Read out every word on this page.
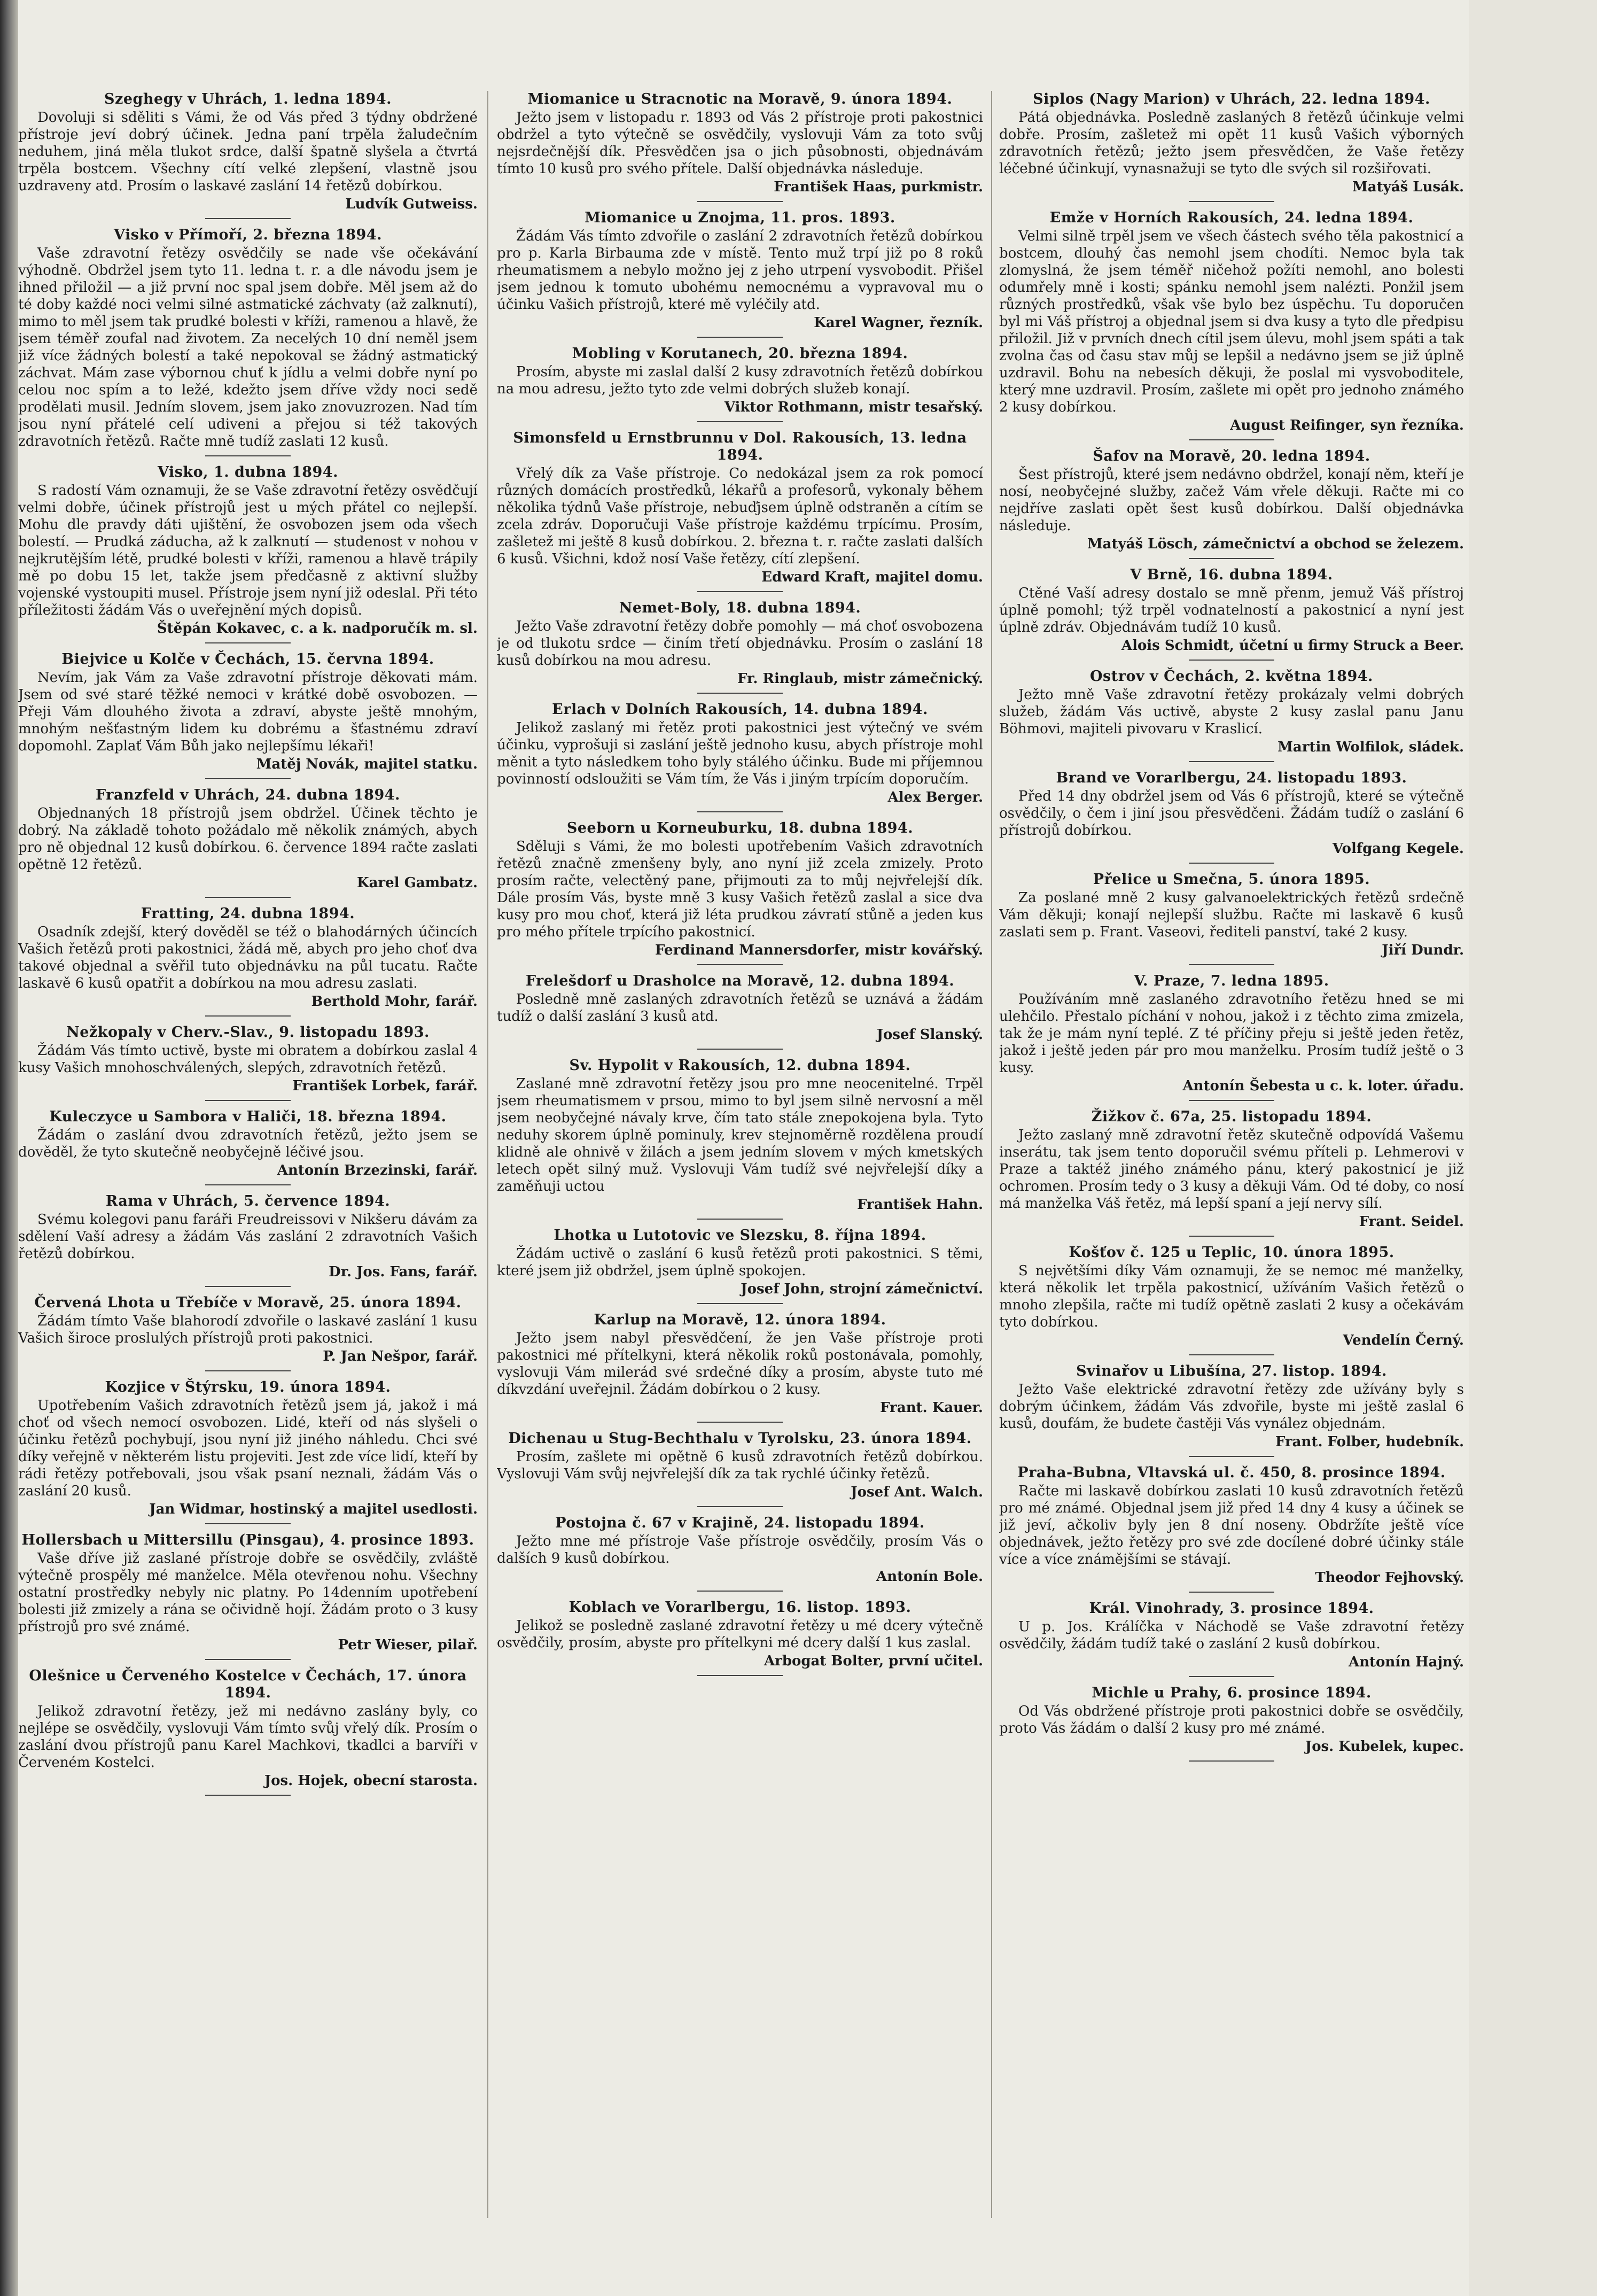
Szeghegy v Uhrách, 1. ledna 1894.
Dovoluji si sděliti s Vámi, že od Vás před 3 týdny obdržené přístroje jeví dobrý účinek. Jedna paní trpěla žaludečním neduhem, jiná měla tlukot srdce, další špatně slyšela a čtvrtá trpěla bostcem. Všechny cítí velké zlepšení, vlastně jsou uzdraveny atd. Prosím o laskavé zaslání 14 řetězů dobírkou.
Ludvík Gutweiss.
Visko v Přímoří, 2. března 1894.
Vaše zdravotní řetězy osvědčily se nade vše očekávání výhodně. Obdržel jsem tyto 11. ledna t. r. a dle návodu jsem je ihned přiložil — a již první noc spal jsem dobře. Měl jsem až do té doby každé noci velmi silné astmatické záchvaty (až zalknutí), mimo to měl jsem tak prudké bolesti v kříži, ramenou a hlavě, že jsem téměř zoufal nad životem. Za necelých 10 dní neměl jsem již více žádných bolestí a také nepokoval se žádný astmatický záchvat. Mám zase výbornou chuť k jídlu a velmi dobře nyní po celou noc spím a to ležé, kdežto jsem dříve vždy noci sedě prodělati musil. Jedním slovem, jsem jako znovuzrozen. Nad tím jsou nyní přátelé celí udiveni a přejou si též takových zdravotních řetězů. Račte mně tudíž zaslati 12 kusů.
Visko, 1. dubna 1894.
S radostí Vám oznamuji, že se Vaše zdravotní řetězy osvědčují velmi dobře, účinek přístrojů jest u mých přátel co nejlepší. Mohu dle pravdy dáti ujištění, že osvobozen jsem oda všech bolestí. — Prudká záducha, až k zalknutí — studenost v nohou v nejkrutějším létě, prudké bolesti v kříži, ramenou a hlavě trápily mě po dobu 15 let, takže jsem předčasně z aktivní služby vojenské vystoupiti musel. Přístroje jsem nyní již odeslal. Při této příležitosti žádám Vás o uveřejnění mých dopisů.
Štěpán Kokavec, c. a k. nadporučík m. sl.
Biejvice u Kolče v Čechách, 15. června 1894.
Nevím, jak Vám za Vaše zdravotní přístroje děkovati mám. Jsem od své staré těžké nemoci v krátké době osvobozen. — Přeji Vám dlouhého života a zdraví, abyste ještě mnohým, mnohým nešťastným lidem ku dobrému a šťastnému zdraví dopomohl. Zaplať Vám Bůh jako nejlepšímu lékaři!
Matěj Novák, majitel statku.
Franzfeld v Uhrách, 24. dubna 1894.
Objednaných 18 přístrojů jsem obdržel. Účinek těchto je dobrý. Na základě tohoto požádalo mě několik známých, abych pro ně objednal 12 kusů dobírkou. 6. července 1894 račte zaslati opětně 12 řetězů.
Karel Gambatz.
Fratting, 24. dubna 1894.
Osadník zdejší, který dověděl se též o blahodárných účincích Vašich řetězů proti pakostnici, žádá mě, abych pro jeho choť dva takové objednal a svěřil tuto objednávku na půl tucatu. Račte laskavě 6 kusů opatřit a dobírkou na mou adresu zaslati.
Berthold Mohr, farář.
Nežkopaly v Cherv.-Slav., 9. listopadu 1893.
Žádám Vás tímto uctivě, byste mi obratem a dobírkou zaslal 4 kusy Vašich mnohoschválených, slepých, zdravotních řetězů.
František Lorbek, farář.
Kuleczyce u Sambora v Haliči, 18. března 1894.
Žádám o zaslání dvou zdravotních řetězů, ježto jsem se dověděl, že tyto skutečně neobyčejně léčivé jsou.
Antonín Brzezinski, farář.
Rama v Uhrách, 5. července 1894.
Svému kolegovi panu faráři Freudreissovi v Nikšeru dávám za sdělení Vaší adresy a žádám Vás zaslání 2 zdravotních Vašich řetězů dobírkou.
Dr. Jos. Fans, farář.
Červená Lhota u Třebíče v Moravě, 25. února 1894.
Žádám tímto Vaše blahorodí zdvořile o laskavé zaslání 1 kusu Vašich široce proslulých přístrojů proti pakostnici.
P. Jan Nešpor, farář.
Kozjice v Štýrsku, 19. února 1894.
Upotřebením Vašich zdravotních řetězů jsem já, jakož i má choť od všech nemocí osvobozen. Lidé, kteří od nás slyšeli o účinku řetězů pochybují, jsou nyní již jiného náhledu. Chci své díky veřejně v některém listu projeviti. Jest zde více lidí, kteří by rádi řetězy potřebovali, jsou však psaní neznali, žádám Vás o zaslání 20 kusů.
Jan Widmar, hostinský a majitel usedlosti.
Hollersbach u Mittersillu (Pinsgau), 4. prosince 1893.
Vaše dříve již zaslané přístroje dobře se osvědčily, zvláště výtečně prospěly mé manželce. Měla otevřenou nohu. Všechny ostatní prostředky nebyly nic platny. Po 14denním upotřebení bolesti již zmizely a rána se očividně hojí. Žádám proto o 3 kusy přístrojů pro své známé.
Petr Wieser, pilař.
Olešnice u Červeného Kostelce v Čechách, 17. února 1894.
Jelikož zdravotní řetězy, jež mi nedávno zaslány byly, co nejlépe se osvědčily, vyslovuji Vám tímto svůj vřelý dík. Prosím o zaslání dvou přístrojů panu Karel Machkovi, tkadlci a barvíři v Červeném Kostelci.
Jos. Hojek, obecní starosta.
Miomanice u Stracnotic na Moravě, 9. února 1894.
Ježto jsem v listopadu r. 1893 od Vás 2 přístroje proti pakostnici obdržel a tyto výtečně se osvědčily, vyslovuji Vám za toto svůj nejsrdečnější dík. Přesvědčen jsa o jich působnosti, objednávám tímto 10 kusů pro svého přítele. Další objednávka následuje.
František Haas, purkmistr.
Miomanice u Znojma, 11. pros. 1893.
Žádám Vás tímto zdvořile o zaslání 2 zdravotních řetězů dobírkou pro p. Karla Birbauma zde v místě. Tento muž trpí již po 8 roků rheumatismem a nebylo možno jej z jeho utrpení vysvobodit. Přišel jsem jednou k tomuto ubohému nemocnému a vypravoval mu o účinku Vašich přístrojů, které mě vyléčily atd.
Karel Wagner, řezník.
Mobling v Korutanech, 20. března 1894.
Prosím, abyste mi zaslal další 2 kusy zdravotních řetězů dobírkou na mou adresu, ježto tyto zde velmi dobrých služeb konají.
Viktor Rothmann, mistr tesařský.
Simonsfeld u Ernstbrunnu v Dol. Rakousích, 13. ledna 1894.
Vřelý dík za Vaše přístroje. Co nedokázal jsem za rok pomocí různých domácích prostředků, lékařů a profesorů, vykonaly během několika týdnů Vaše přístroje, nebuďjsem úplně odstraněn a cítím se zcela zdráv. Doporučuji Vaše přístroje každému trpícímu. Prosím, zašletež mi ještě 8 kusů dobírkou. 2. března t. r. račte zaslati dalších 6 kusů. Všichni, kdož nosí Vaše řetězy, cítí zlepšení.
Edward Kraft, majitel domu.
Nemet-Boly, 18. dubna 1894.
Ježto Vaše zdravotní řetězy dobře pomohly — má choť osvobozena je od tlukotu srdce — činím třetí objednávku. Prosím o zaslání 18 kusů dobírkou na mou adresu.
Fr. Ringlaub, mistr zámečnický.
Erlach v Dolních Rakousích, 14. dubna 1894.
Jelikož zaslaný mi řetěz proti pakostnici jest výtečný ve svém účinku, vyprošuji si zaslání ještě jednoho kusu, abych přístroje mohl měnit a tyto následkem toho byly stálého účinku. Bude mi příjemnou povinností odsloužiti se Vám tím, že Vás i jiným trpícím doporučím.
Alex Berger.
Seeborn u Korneuburku, 18. dubna 1894.
Sděluji s Vámi, že mo bolesti upotřebením Vašich zdravotních řetězů značně zmenšeny byly, ano nyní již zcela zmizely. Proto prosím račte, velectěný pane, přijmouti za to můj nejvřelejší dík. Dále prosím Vás, byste mně 3 kusy Vašich řetězů zaslal a sice dva kusy pro mou choť, která již léta prudkou závratí stůně a jeden kus pro mého přítele trpícího pakostnicí.
Ferdinand Mannersdorfer, mistr kovářský.
Frelešdorf u Drasholce na Moravě, 12. dubna 1894.
Posledně mně zaslaných zdravotních řetězů se uznává a žádám tudíž o další zaslání 3 kusů atd.
Josef Slanský.
Sv. Hypolit v Rakousích, 12. dubna 1894.
Zaslané mně zdravotní řetězy jsou pro mne neocenitelné. Trpěl jsem rheumatismem v prsou, mimo to byl jsem silně nervosní a měl jsem neobyčejné návaly krve, čím tato stále znepokojena byla. Tyto neduhy skorem úplně pominuly, krev stejnoměrně rozdělena proudí klidně ale ohnivě v žilách a jsem jedním slovem v mých kmetských letech opět silný muž. Vyslovuji Vám tudíž své nejvřelejší díky a zaměňuji uctou
František Hahn.
Lhotka u Lutotovic ve Slezsku, 8. října 1894.
Žádám uctivě o zaslání 6 kusů řetězů proti pakostnici. S těmi, které jsem již obdržel, jsem úplně spokojen.
Josef John, strojní zámečnictví.
Karlup na Moravě, 12. února 1894.
Ježto jsem nabyl přesvědčení, že jen Vaše přístroje proti pakostnici mé přítelkyni, která několik roků postonávala, pomohly, vyslovuji Vám milerád své srdečné díky a prosím, abyste tuto mé díkvzdání uveřejnil. Žádám dobírkou o 2 kusy.
Frant. Kauer.
Dichenau u Stug-Bechthalu v Tyrolsku, 23. února 1894.
Prosím, zašlete mi opětně 6 kusů zdravotních řetězů dobírkou. Vyslovuji Vám svůj nejvřelejší dík za tak rychlé účinky řetězů.
Josef Ant. Walch.
Postojna č. 67 v Krajině, 24. listopadu 1894.
Ježto mne mé přístroje Vaše přístroje osvědčily, prosím Vás o dalších 9 kusů dobírkou.
Antonín Bole.
Koblach ve Vorarlbergu, 16. listop. 1893.
Jelikož se posledně zaslané zdravotní řetězy u mé dcery výtečně osvědčily, prosím, abyste pro přítelkyni mé dcery další 1 kus zaslal.
Arbogat Bolter, první učitel.
Siplos (Nagy Marion) v Uhrách, 22. ledna 1894.
Pátá objednávka. Posledně zaslaných 8 řetězů účinkuje velmi dobře. Prosím, zašletež mi opět 11 kusů Vašich výborných zdravotních řetězů; ježto jsem přesvědčen, že Vaše řetězy léčebné účinkují, vynasnažuji se tyto dle svých sil rozšiřovati.
Matyáš Lusák.
Emže v Horních Rakousích, 24. ledna 1894.
Velmi silně trpěl jsem ve všech částech svého těla pakostnicí a bostcem, dlouhý čas nemohl jsem chodíti. Nemoc byla tak zlomyslná, že jsem téměř ničehož požíti nemohl, ano bolesti odumřely mně i kosti; spánku nemohl jsem nalézti. Ponžil jsem různých prostředků, však vše bylo bez úspěchu. Tu doporučen byl mi Váš přístroj a objednal jsem si dva kusy a tyto dle předpisu přiložil. Již v prvních dnech cítil jsem úlevu, mohl jsem spáti a tak zvolna čas od času stav můj se lepšil a nedávno jsem se již úplně uzdravil. Bohu na nebesích děkuji, že poslal mi vysvoboditele, který mne uzdravil. Prosím, zašlete mi opět pro jednoho známého 2 kusy dobírkou.
August Reifinger, syn řezníka.
Šafov na Moravě, 20. ledna 1894.
Šest přístrojů, které jsem nedávno obdržel, konají něm, kteří je nosí, neobyčejné služby, začež Vám vřele děkuji. Račte mi co nejdříve zaslati opět šest kusů dobírkou. Další objednávka následuje.
Matyáš Lösch, zámečnictví a obchod se železem.
V Brně, 16. dubna 1894.
Ctěné Vaší adresy dostalo se mně přenm, jemuž Váš přístroj úplně pomohl; týž trpěl vodnatelností a pakostnicí a nyní jest úplně zdráv. Objednávám tudíž 10 kusů.
Alois Schmidt, účetní u firmy Struck a Beer.
Ostrov v Čechách, 2. května 1894.
Ježto mně Vaše zdravotní řetězy prokázaly velmi dobrých služeb, žádám Vás uctivě, abyste 2 kusy zaslal panu Janu Böhmovi, majiteli pivovaru v Kraslicí.
Martin Wolfilok, sládek.
Brand ve Vorarlbergu, 24. listopadu 1893.
Před 14 dny obdržel jsem od Vás 6 přístrojů, které se výtečně osvědčily, o čem i jiní jsou přesvědčeni. Žádám tudíž o zaslání 6 přístrojů dobírkou.
Volfgang Kegele.
Přelice u Smečna, 5. února 1895.
Za poslané mně 2 kusy galvanoelektrických řetězů srdečně Vám děkuji; konají nejlepší službu. Račte mi laskavě 6 kusů zaslati sem p. Frant. Vaseovi, řediteli panství, také 2 kusy.
Jiří Dundr.
V. Praze, 7. ledna 1895.
Používáním mně zaslaného zdravotního řetězu hned se mi ulehčilo. Přestalo píchání v nohou, jakož i z těchto zima zmizela, tak že je mám nyní teplé. Z té příčiny přeju si ještě jeden řetěz, jakož i ještě jeden pár pro mou manželku. Prosím tudíž ještě o 3 kusy.
Antonín Šebesta u c. k. loter. úřadu.
Žižkov č. 67a, 25. listopadu 1894.
Ježto zaslaný mně zdravotní řetěz skutečně odpovídá Vašemu inserátu, tak jsem tento doporučil svému příteli p. Lehmerovi v Praze a taktéž jiného známého pánu, který pakostnicí je již ochromen. Prosím tedy o 3 kusy a děkuji Vám. Od té doby, co nosí má manželka Váš řetěz, má lepší spaní a její nervy sílí.
Frant. Seidel.
Košťov č. 125 u Teplic, 10. února 1895.
S největšími díky Vám oznamuji, že se nemoc mé manželky, která několik let trpěla pakostnicí, užíváním Vašich řetězů o mnoho zlepšila, račte mi tudíž opětně zaslati 2 kusy a očekávám tyto dobírkou.
Vendelín Černý.
Svinařov u Libušína, 27. listop. 1894.
Ježto Vaše elektrické zdravotní řetězy zde užívány byly s dobrým účinkem, žádám Vás zdvořile, byste mi ještě zaslal 6 kusů, doufám, že budete častěji Vás vynález objednám.
Frant. Folber, hudebník.
Praha-Bubna, Vltavská ul. č. 450, 8. prosince 1894.
Račte mi laskavě dobírkou zaslati 10 kusů zdravotních řetězů pro mé známé. Objednal jsem již před 14 dny 4 kusy a účinek se již jeví, ačkoliv byly jen 8 dní noseny. Obdržíte ještě více objednávek, ježto řetězy pro své zde docílené dobré účinky stále více a více známějšími se stávají.
Theodor Fejhovský.
Král. Vinohrady, 3. prosince 1894.
U p. Jos. Králíčka v Náchodě se Vaše zdravotní řetězy osvědčily, žádám tudíž také o zaslání 2 kusů dobírkou.
Antonín Hajný.
Michle u Prahy, 6. prosince 1894.
Od Vás obdržené přístroje proti pakostnici dobře se osvědčily, proto Vás žádám o další 2 kusy pro mé známé.
Jos. Kubelek, kupec.
